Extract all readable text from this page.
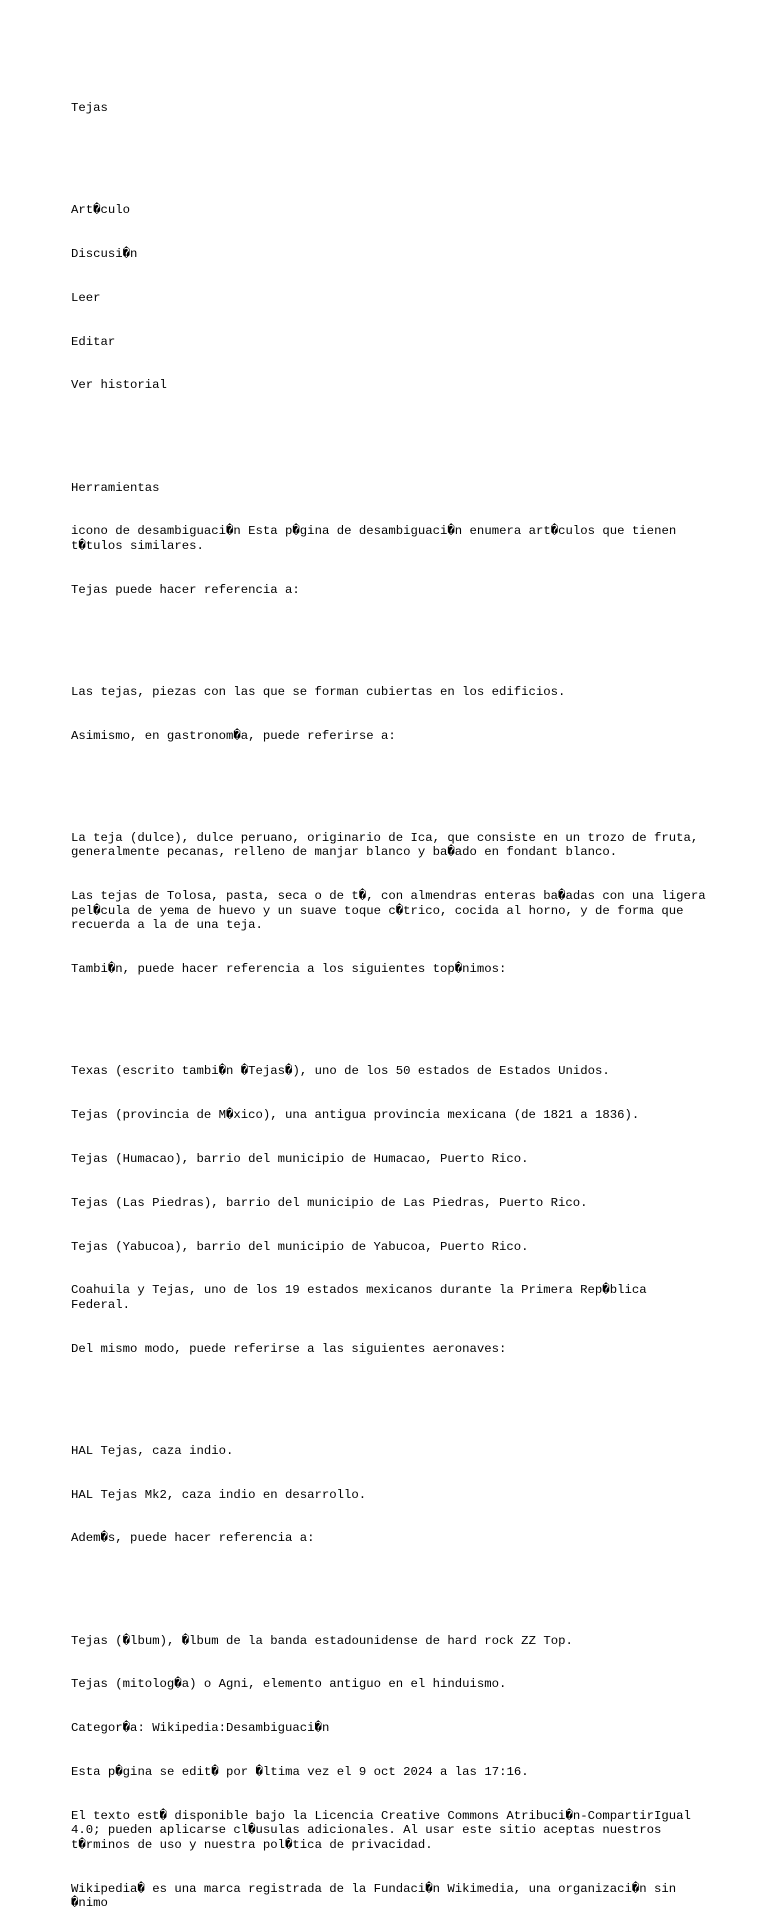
Tejas

Art�culo

Discusi�n

Leer

Editar

Ver historial

Herramientas

icono de desambiguaci�n Esta p�gina de desambiguaci�n enumera art�culos que tienen t�tulos similares.

Tejas puede hacer referencia a:

Las tejas, piezas con las que se forman cubiertas en los edificios.

Asimismo, en gastronom�a, puede referirse a:

La teja (dulce), dulce peruano, originario de Ica, que consiste en un trozo de fruta, generalmente pecanas, relleno de manjar blanco y ba�ado en fondant blanco.

Las tejas de Tolosa, pasta, seca o de t�, con almendras enteras ba�adas con una ligera pel�cula de yema de huevo y un suave toque c�trico, cocida al horno, y de forma que recuerda a la de una teja.

Tambi�n, puede hacer referencia a los siguientes top�nimos:

Texas (escrito tambi�n �Tejas�), uno de los 50 estados de Estados Unidos.

Tejas (provincia de M�xico), una antigua provincia mexicana (de 1821 a 1836).

Tejas (Humacao), barrio del municipio de Humacao, Puerto Rico.

Tejas (Las Piedras), barrio del municipio de Las Piedras, Puerto Rico.

Tejas (Yabucoa), barrio del municipio de Yabucoa, Puerto Rico.

Coahuila y Tejas, uno de los 19 estados mexicanos durante la Primera Rep�blica Federal.

Del mismo modo, puede referirse a las siguientes aeronaves:

HAL Tejas, caza indio.

HAL Tejas Mk2, caza indio en desarrollo.

Adem�s, puede hacer referencia a:

Tejas (�lbum), �lbum de la banda estadounidense de hard rock ZZ Top.

Tejas (mitolog�a) o Agni, elemento antiguo en el hinduismo.

Categor�a: Wikipedia:Desambiguaci�n

Esta p�gina se edit� por �ltima vez el 9 oct 2024 a las 17:16.

El texto est� disponible bajo la Licencia Creative Commons Atribuci�n-CompartirIgual 4.0; pueden aplicarse cl�usulas adicionales. Al usar este sitio aceptas nuestros t�rminos de uso y nuestra pol�tica de privacidad.

Wikipedia� es una marca registrada de la Fundaci�n Wikimedia, una organizaci�n sin �nimo
